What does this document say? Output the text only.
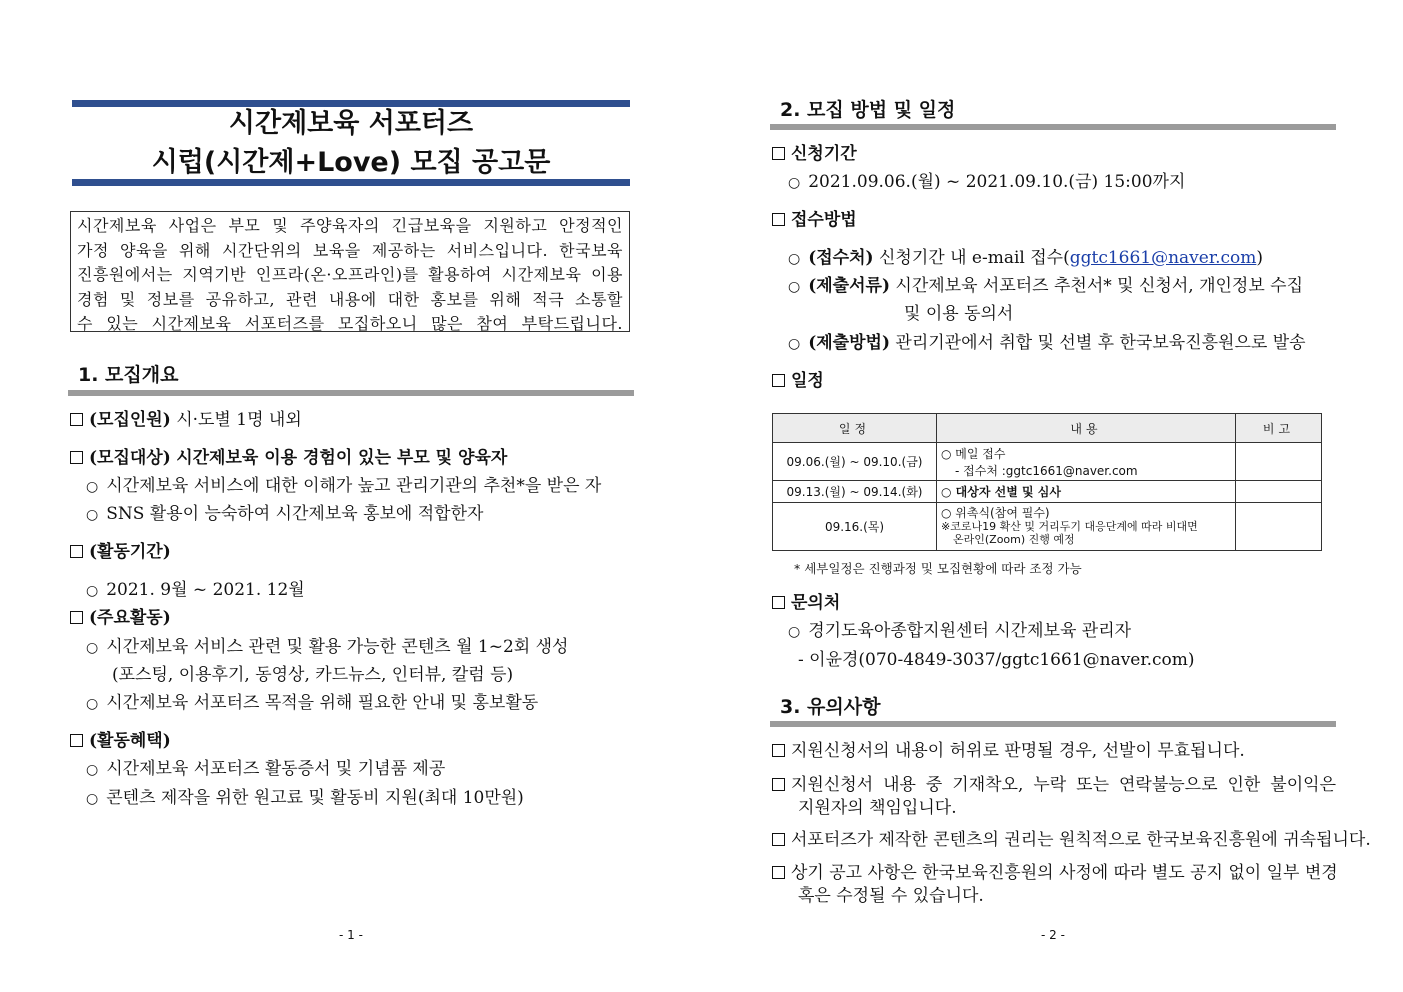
시간제보육 서포터즈
시럽(시간제+Love) 모집 공고문
시간제보육 사업은 부모 및 주양육자의 긴급보육을 지원하고 안정적인
가정 양육을 위해 시간단위의 보육을 제공하는 서비스입니다. 한국보육
진흥원에서는 지역기반 인프라(온·오프라인)를 활용하여 시간제보육 이용
경험 및 정보를 공유하고, 관련 내용에 대한 홍보를 위해 적극 소통할
수 있는 시간제보육 서포터즈를 모집하오니 많은 참여 부탁드립니다.
1. 모집개요
(모집인원) 시·도별 1명 내외
(모집대상) 시간제보육 이용 경험이 있는 부모 및 양육자
○ 시간제보육 서비스에 대한 이해가 높고 관리기관의 추천*을 받은 자
○ SNS 활용이 능숙하여 시간제보육 홍보에 적합한자
(활동기간)
○ 2021. 9월 ~ 2021. 12월
(주요활동)
○ 시간제보육 서비스 관련 및 활용 가능한 콘텐츠 월 1~2회 생성
(포스팅, 이용후기, 동영상, 카드뉴스, 인터뷰, 칼럼 등)
○ 시간제보육 서포터즈 목적을 위해 필요한 안내 및 홍보활동
(활동혜택)
○ 시간제보육 서포터즈 활동증서 및 기념품 제공
○ 콘텐츠 제작을 위한 원고료 및 활동비 지원(최대 10만원)
- 1 -
2. 모집 방법 및 일정
신청기간
○ 2021.09.06.(월) ~ 2021.09.10.(금) 15:00까지
접수방법
○ (접수처) 신청기간 내 e-mail 접수(ggtc1661@naver.com)
○ (제출서류) 시간제보육 서포터즈 추천서* 및 신청서, 개인정보 수집
및 이용 동의서
○ (제출방법) 관리기관에서 취합 및 선별 후 한국보육진흥원으로 발송
일정
일정	내용	비고
09.06.(월) ~ 09.10.(금)	○ 메일 접수
- 접수처 :ggtc1661@naver.com	

09.13.(월) ~ 09.14.(화)	○ 대상자 선별 및 심사	
09.16.(목)	○ 위촉식(참여 필수)
※코로나19 확산 및 거리두기 대응단계에 따라 비대면
온라인(Zoom) 진행 예정	

* 세부일정은 진행과정 및 모집현황에 따라 조정 가능
문의처
○ 경기도육아종합지원센터 시간제보육 관리자
- 이윤경(070-4849-3037/ggtc1661@naver.com)
3. 유의사항
지원신청서의 내용이 허위로 판명될 경우, 선발이 무효됩니다.
지원신청서 내용 중 기재착오, 누락 또는 연락불능으로 인한 불이익은
지원자의 책임입니다.
서포터즈가 제작한 콘텐츠의 권리는 원칙적으로 한국보육진흥원에 귀속됩니다.
상기 공고 사항은 한국보육진흥원의 사정에 따라 별도 공지 없이 일부 변경
혹은 수정될 수 있습니다.
- 2 -
